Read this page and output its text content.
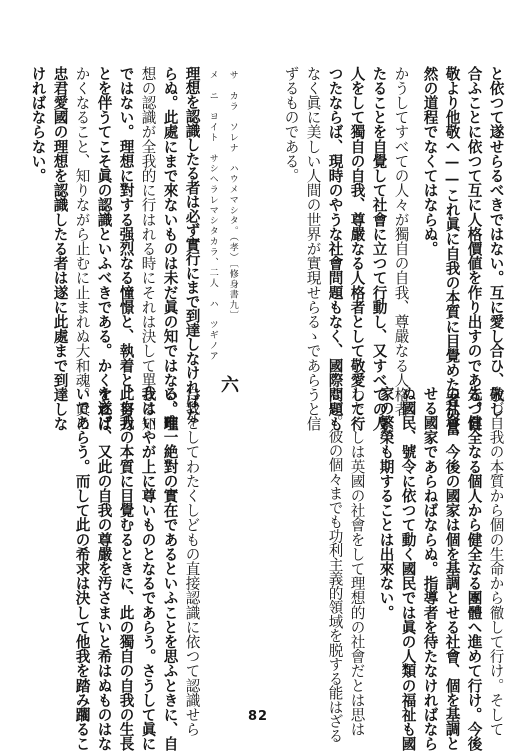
と依つて遂せらるべきではない。互に愛し合ひ、敬し
合ふことに依つて互に人格價値を作り出すのである。自
敬より他敬へ——これ眞に自我の本質に目覺めた者の當
然の道程でなくてはならぬ。
かうしてすべての人々が獨自の自我、尊嚴なる人格者
たることを自覺して社會に立つて行動し、又すべての人
人をして獨自の自我、尊嚴なる人格者として敬愛して行
つたならば、現時のやうな社會問題もなく、國際問題も
なく眞に美しい人間の世界が實現せらるゝであらうと信
ずるものである。
理想を認識したる者は必ず實行にまで到達しなければな
らぬ。此處にまで來ないものは未だ眞の知ではない。理
想の認識が全我的に行はれる時にそれは決して單なる知
ではない。理想に對する强烈なる憧憬と、執着と、努力
とを伴うてこそ眞の認識といふべきである。かくすれば
かくなること、知りながら止むに止まれぬ大和魂。眞に
忠君愛國の理想を認識したる者は遂に此處まで到達しな
ければならない。	サ　カラ　ソレナ　ハウメマシタ。（孝）〔修身書九〕
メ　ニ　ヨイト　サシヘラレマシタカラ、二人　ハ　ツギノア
先づ自我の本質から個の生命から徹して行け。そして
先づ健全なる個人から健全なる團體へ進めて行け。今後
の社會、今後の國家は個を基調とせる社會、個を基調と
せる國家であらねばならぬ。指導者を待たなければなら
ぬ國民、號令に依つて動く國民では眞の人類の福祉も國
家の繁榮も期することは出來ない。
わたくしは英國の社會をして理想的の社會だとは思は
ない。彼の個々までも功利主義的領域を脱する能はざる
六
自我をしてわたくしどもの直接認識に依つて認識せら
る、唯一絶對の實在であるといふことを思ふときに、自
我はいやが上に尊いものとなるであらう。さうして眞に
此自我の本質に目覺むるときに、此の獨自の自我の生長
を遂げ、又此の自我の尊嚴を汚さまいと希はぬものはな
いであらう。而して此の希求は決して他我を踏み躙るこ	82
